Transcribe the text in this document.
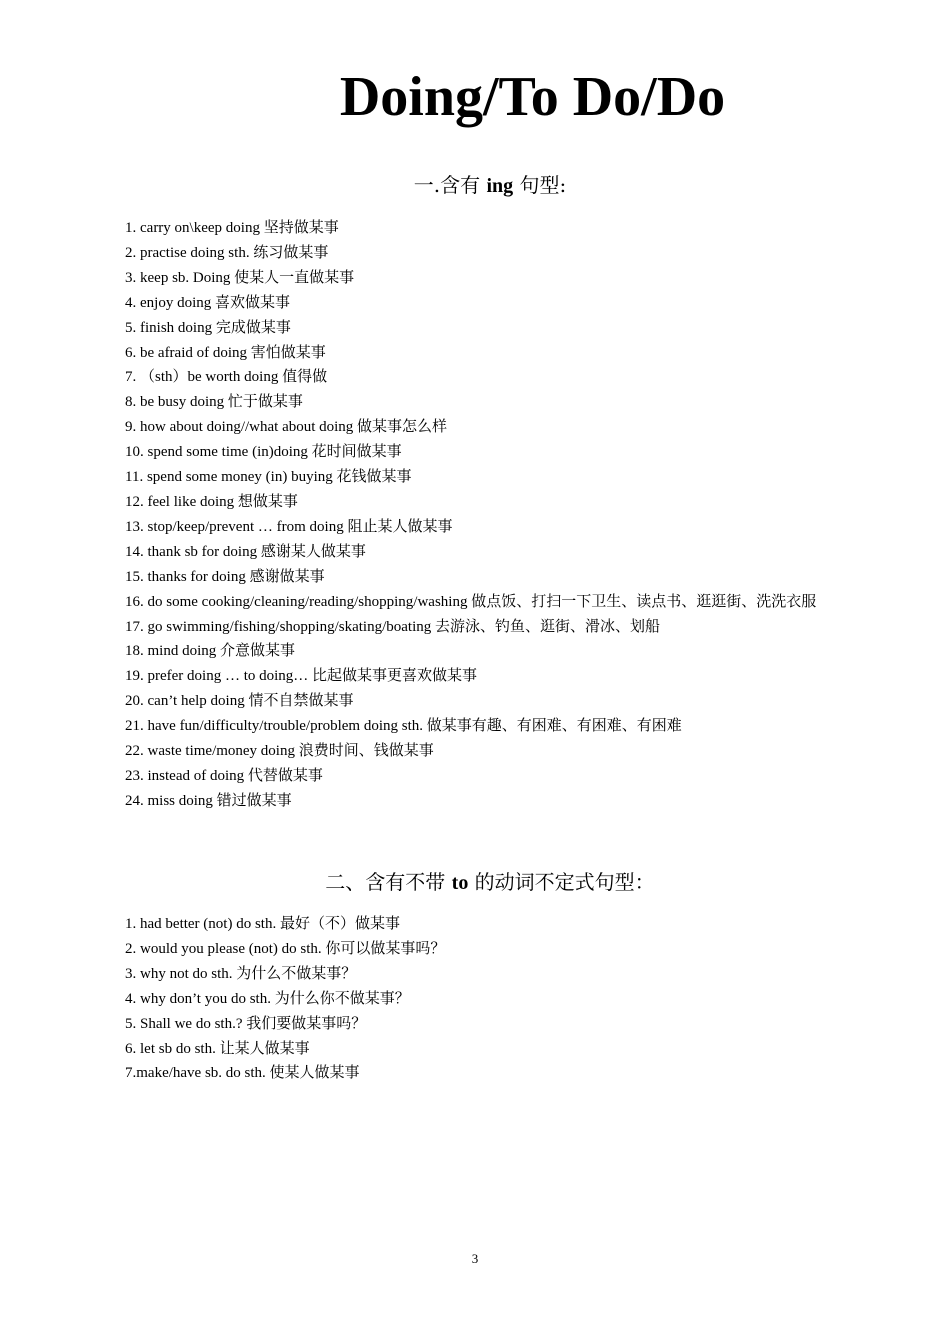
Doing/To Do/Do
一.含有 ing 句型:
1. carry on\keep doing 坚持做某事
2. practise doing sth. 练习做某事
3. keep sb. Doing 使某人一直做某事
4. enjoy doing 喜欢做某事
5. finish doing 完成做某事
6. be afraid of doing 害怕做某事
7. （sth）be worth doing 值得做
8. be busy doing 忙于做某事
9. how about doing//what about doing 做某事怎么样
10. spend some time (in)doing 花时间做某事
11. spend some money (in) buying 花钱做某事
12. feel like doing 想做某事
13. stop/keep/prevent … from doing 阻止某人做某事
14. thank sb for doing 感谢某人做某事
15. thanks for doing 感谢做某事
16. do some cooking/cleaning/reading/shopping/washing 做点饭、打扫一下卫生、读点书、逛逛街、洗洗衣服
17. go swimming/fishing/shopping/skating/boating 去游泳、钓鱼、逛街、滑冰、划船
18. mind doing 介意做某事
19. prefer doing … to doing… 比起做某事更喜欢做某事
20. can’t help doing 情不自禁做某事
21. have fun/difficulty/trouble/problem doing sth. 做某事有趣、有困难、有困难、有困难
22. waste time/money doing 浪费时间、钱做某事
23. instead of doing 代替做某事
24. miss doing 错过做某事
二、含有不带 to 的动词不定式句型：
1. had better (not) do sth. 最好（不）做某事
2. would you please (not) do sth. 你可以做某事吗？
3. why not do sth. 为什么不做某事？
4. why don’t you do sth. 为什么你不做某事？
5. Shall we do sth.? 我们要做某事吗？
6. let sb do sth. 让某人做某事
7.make/have sb. do sth. 使某人做某事
3
